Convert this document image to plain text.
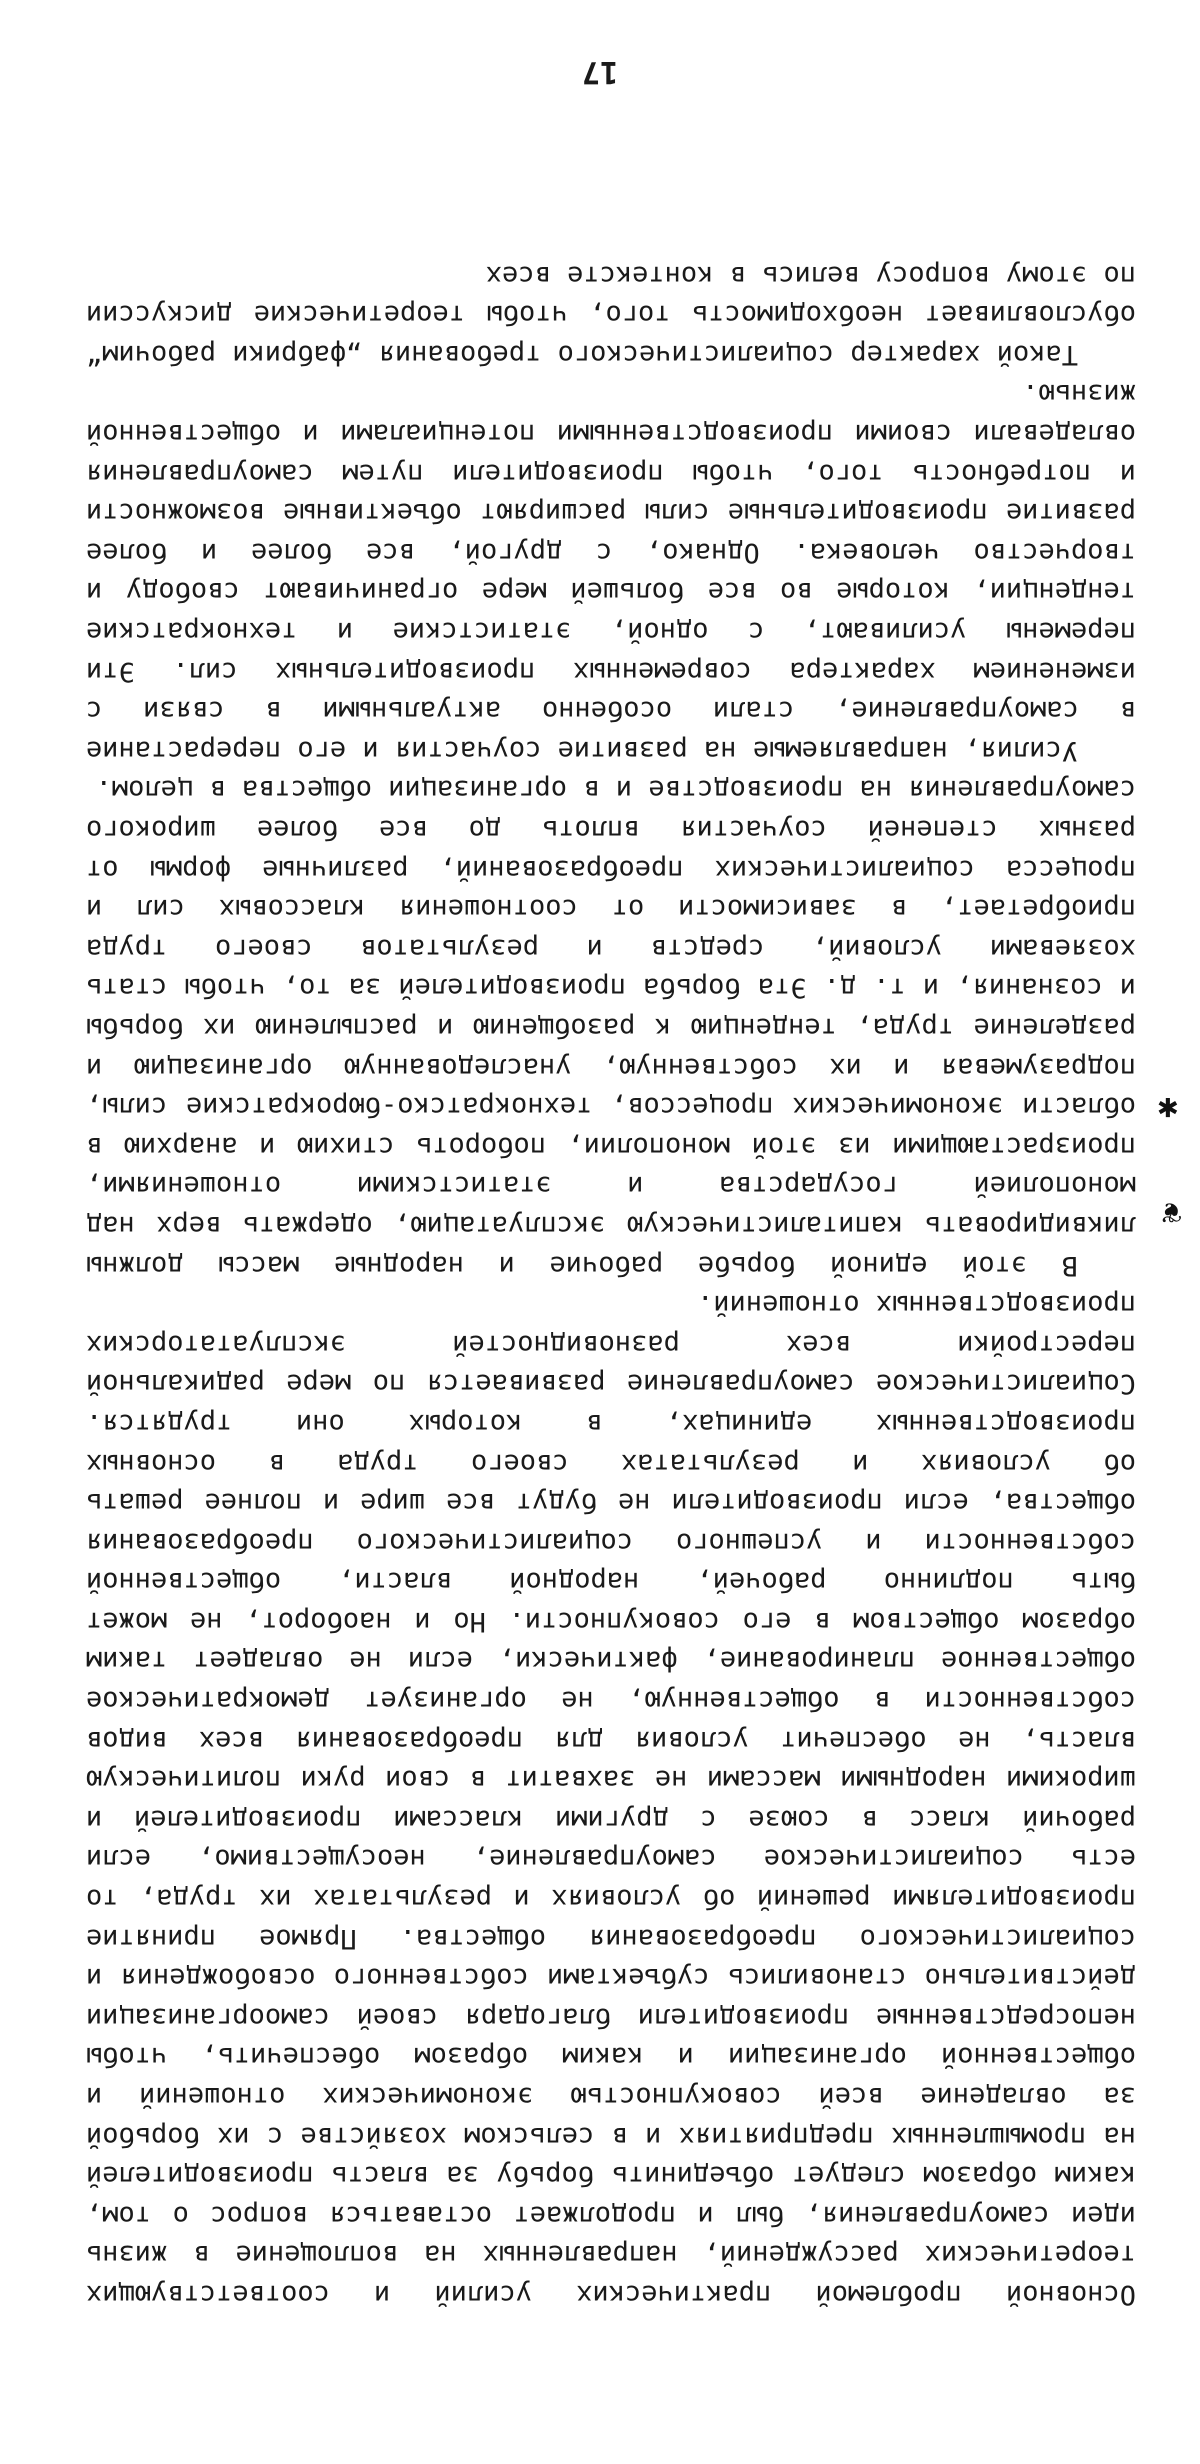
Основной проблемой практических усилий и соответствующих теоретических рассуждений, направленных на воплощение в жизнь идеи самоуправления, был и продолжает оставаться вопрос о том, каким образом следует объединить борьбу за власть производителей на промышленных предприятиях и в сельском хозяйстве с их борьбой за овладение всей совокупностью экономических отношений и общественной организации и каким образом обеспечить, чтобы непосредственные производители благодаря своей самоорганизации действительно становились субъектами собственного освобождения и социалистического преобразования общества. Прямое принятие производителями решений об условиях и результатах их труда, то есть социалистическое самоуправление, неосуществимо, если рабочий класс в союзе с другими классами производителей и широкими народными массами не захватит в свои руки политическую власть, не обеспечит условия для преобразования всех видов собственности в общественную, не организует демократическое общественное планирование, фактически, если не овладеет таким образом обществом в его совокупности. Но и наоборот, не может быть подлинно рабочей, народной власти, общественной собственности и успешного социалистического преобразования общества, если производители не будут все шире и полнее решать об условиях и результатах своего труда в основных производственных единицах, в которых они трудятся. Социалистическое самоуправление развивается по мере радикальной перестройки всех разновидностей эксплуататорских производственных отношений.

В этой единой борьбе рабочие и народные массы должны ликвидировать капиталистическую эксплуатацию, одержать верх над монополией государства и этатистскими отношениями, произрастающими из этой монополии, побороть стихию и анархию в области экономических процессов, технократско-бюрократские силы, подразумевая и их собственную, унаследованную организацию и разделение труда, тенденцию к разобщению и распылению их борьбы и сознания, и т. д. Эта борьба производителей за то, чтобы стать хозяевами условий, средств и результатов своего труда приобретает, в зависимости от соотношения классовых сил и процесса социалистических преобразований, различные формы от разных степеней соучастия вплоть до все более широкого самоуправления на производстве и в организации общества в целом.

Усилия, направляемые на развитие соучастия и его перерастание в самоуправление, стали особенно актуальными в связи с изменением характера современных производительных сил. Эти перемены усиливают, с одной, этатистские и технократские тенденции, которые во все большей мере ограничивают свободу и творчество человека. Однако, с другой, все более и более развитие производительные силы расширяют объективные возможности и потребность того, чтобы производители путем самоуправления овладевали своими производственными потенциалами и общественной жизнью.

Такой характер социалистического требования „фабрики рабочим“ обусловливает необходимость того, чтобы теоретические дискуссии по этому вопросу велись в контексте всех

17
✱
❦
